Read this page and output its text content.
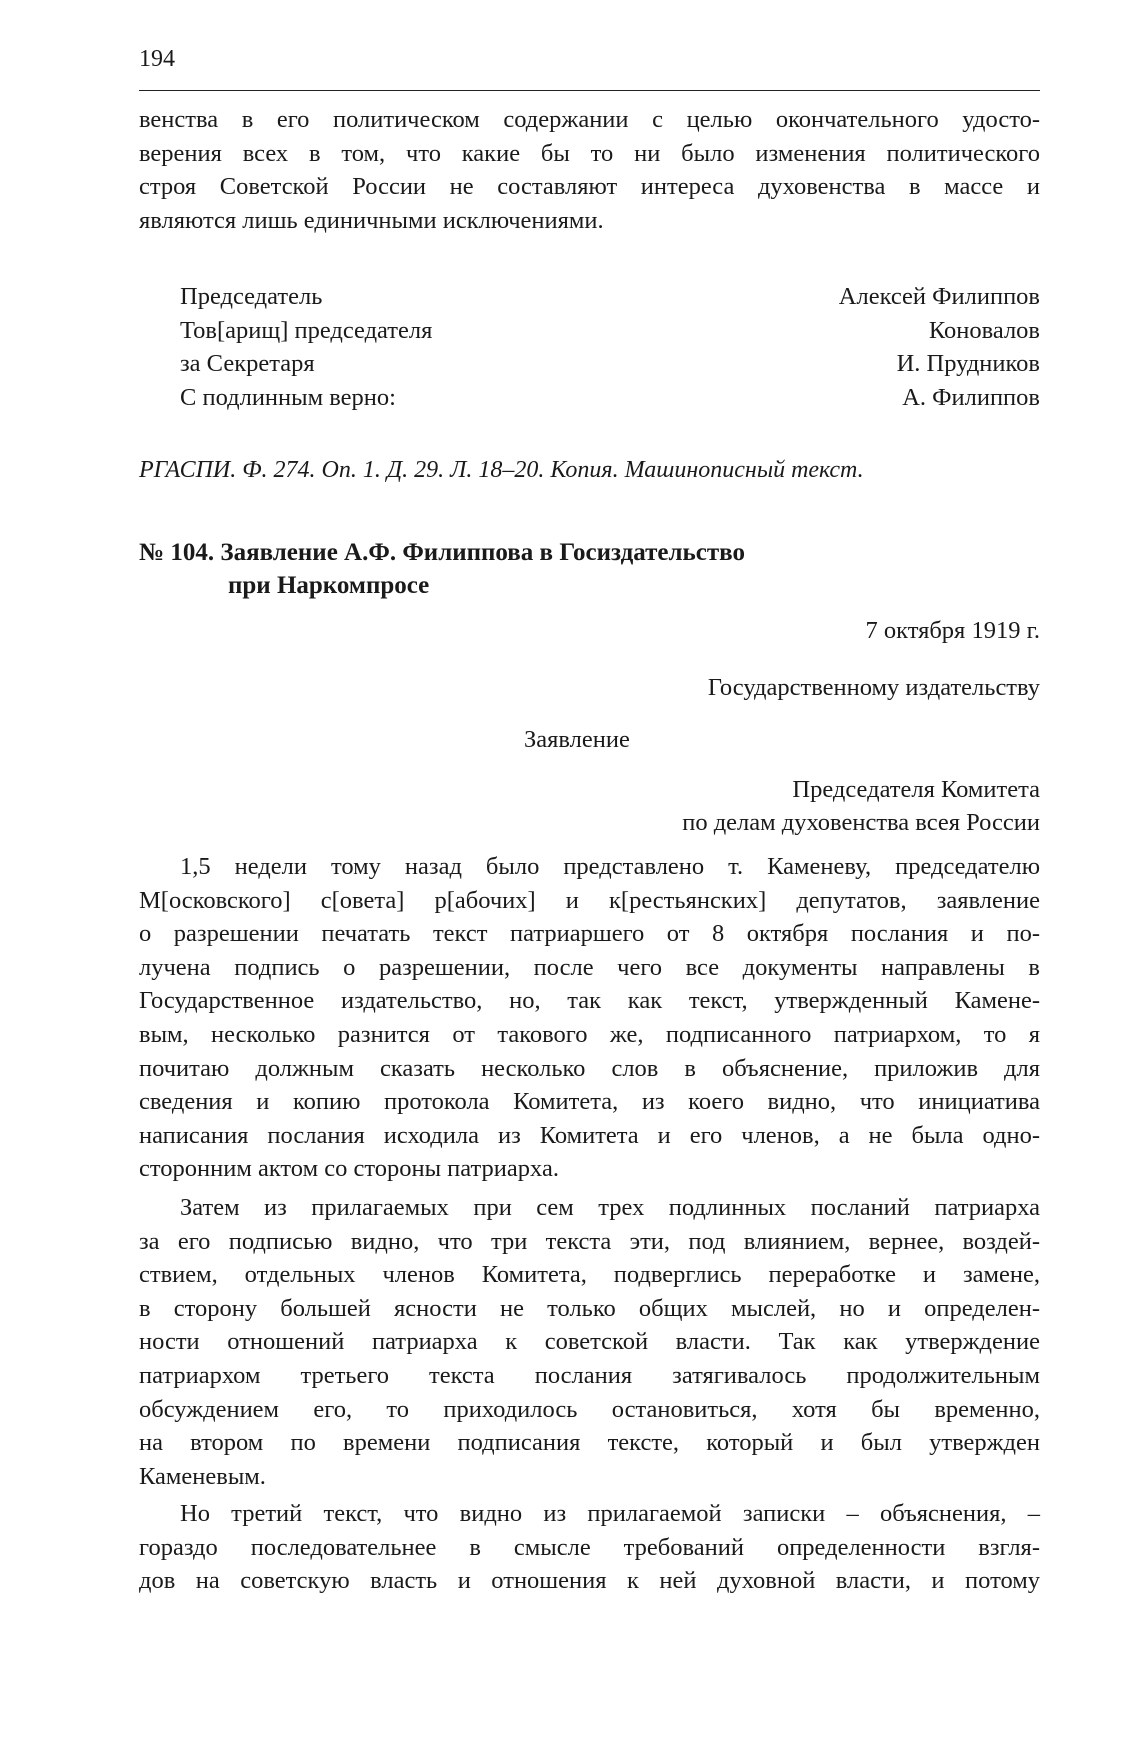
194
венства в его политическом содержании с целью окончательного удосто-
верения всех в том, что какие бы то ни было изменения политического
строя Советской России не составляют интереса духовенства в массе и
являются лишь единичными исключениями.
Председатель	Алексей Филиппов
Тов[арищ] председателя	Коновалов
за Секретаря	И. Прудников
С подлинным верно:	А. Филиппов
РГАСПИ. Ф. 274. Оп. 1. Д. 29. Л. 18–20. Копия. Машинописный текст.
№ 104. Заявление А.Ф. Филиппова в Госиздательство
при Наркомпросе
7 октября 1919 г.
Государственному издательству
Заявление
Председателя Комитета
по делам духовенства всея России
1,5 недели тому назад было представлено т. Каменеву, председателю
М[осковского] с[овета] р[абочих] и к[рестьянских] депутатов, заявление
о разрешении печатать текст патриаршего от 8 октября послания и по-
лучена подпись о разрешении, после чего все документы направлены в
Государственное издательство, но, так как текст, утвержденный Камене-
вым, несколько разнится от такового же, подписанного патриархом, то я
почитаю должным сказать несколько слов в объяснение, приложив для
сведения и копию протокола Комитета, из коего видно, что инициатива
написания послания исходила из Комитета и его членов, а не была одно-
сторонним актом со стороны патриарха.
Затем из прилагаемых при сем трех подлинных посланий патриарха
за его подписью видно, что три текста эти, под влиянием, вернее, воздей-
ствием, отдельных членов Комитета, подверглись переработке и замене,
в сторону большей ясности не только общих мыслей, но и определен-
ности отношений патриарха к советской власти. Так как утверждение
патриархом третьего текста послания затягивалось продолжительным
обсуждением его, то приходилось остановиться, хотя бы временно,
на втором по времени подписания тексте, который и был утвержден
Каменевым.
Но третий текст, что видно из прилагаемой записки – объяснения, –
гораздо последовательнее в смысле требований определенности взгля-
дов на советскую власть и отношения к ней духовной власти, и потому
